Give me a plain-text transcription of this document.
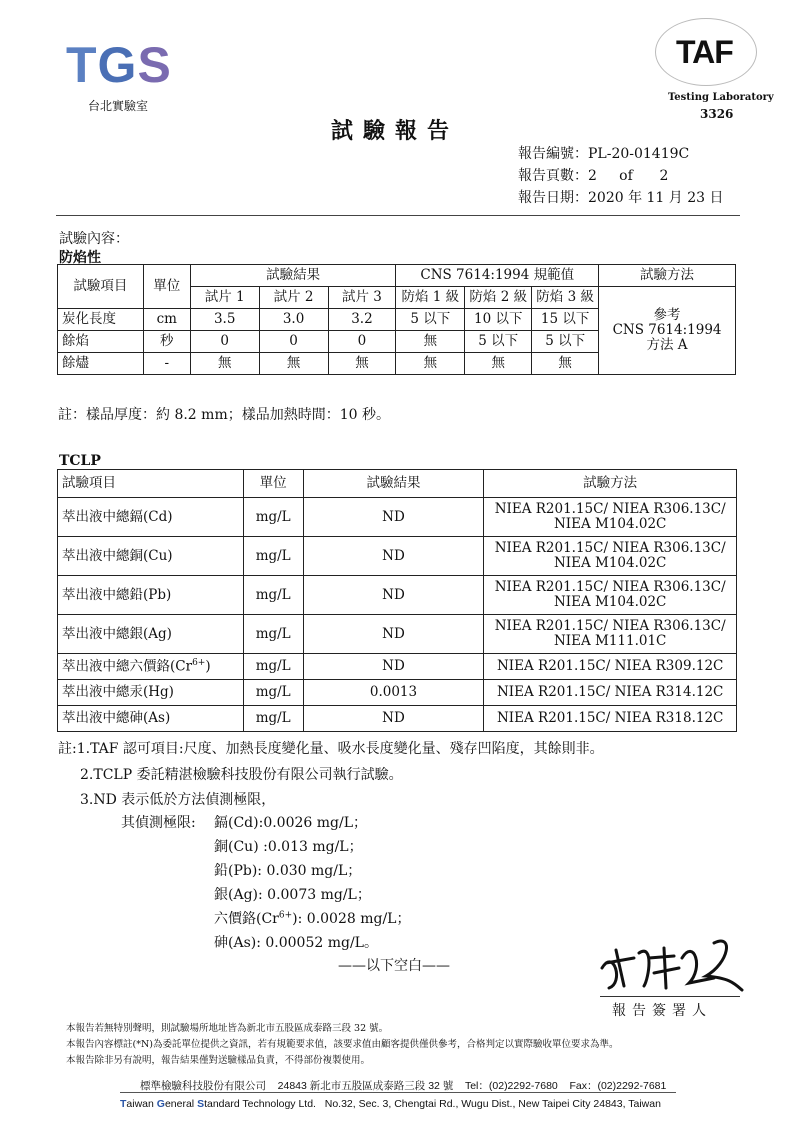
TGS
台北實驗室
TAF
Testing Laboratory
3326
試驗報告
報告編號：PL-20-01419C
報告頁數：2     of      2
報告日期：2020 年 11 月 23 日
試驗內容：
防焰性
試驗項目	單位	試驗結果			CNS 7614:1994 規範值			試驗方法
		試片 1	試片 2	試片 3	防焰 1 級	防焰 2 級	防焰 3 級	參考
CNS 7614:1994
方法 A

炭化長度	cm	3.5	3.0	3.2	5 以下	10 以下	15 以下	
餘焰	秒	0	0	0	無	5 以下	5 以下	
餘燼	-	無	無	無	無	無	無	
註：樣品厚度：約 8.2 mm；樣品加熱時間：10 秒。
TCLP
試驗項目	單位	試驗結果	試驗方法
萃出液中總鎘(Cd)	mg/L	ND	NIEA R201.15C/ NIEA R306.13C/
NIEA M104.02C

萃出液中總銅(Cu)	mg/L	ND	NIEA R201.15C/ NIEA R306.13C/
NIEA M104.02C

萃出液中總鉛(Pb)	mg/L	ND	NIEA R201.15C/ NIEA R306.13C/
NIEA M104.02C

萃出液中總銀(Ag)	mg/L	ND	NIEA R201.15C/ NIEA R306.13C/
NIEA M111.01C

萃出液中總六價鉻$(Cr^{6+})$	mg/L	ND	NIEA R201.15C/ NIEA R309.12C
萃出液中總汞(Hg)	mg/L	0.0013	NIEA R201.15C/ NIEA R314.12C
萃出液中總砷(As)	mg/L	ND	NIEA R201.15C/ NIEA R318.12C
註:1.TAF 認可項目:尺度、加熱長度變化量、吸水長度變化量、殘存凹陷度，其餘則非。
2.TCLP 委託精湛檢驗科技股份有限公司執行試驗。
3.ND 表示低於方法偵測極限，
其偵測極限: 鎘(Cd):0.0026 mg/L；
銅(Cu) :0.013 mg/L；
鉛(Pb): 0.030 mg/L；
銀(Ag): 0.0073 mg/L；
六價鉻$(Cr^{6+})$: 0.0028 mg/L；
砷(As): 0.00052 mg/L。
——以下空白——
報告簽署人
本報告若無特別聲明，則試驗場所地址皆為新北市五股區成泰路三段 32 號。
本報告內容標註(*N)為委託單位提供之資訊，若有規範要求值，該要求值由顧客提供僅供參考，合格判定以實際驗收單位要求為準。
本報告除非另有說明，報告結果僅對送驗樣品負責，不得部份複製使用。
標準檢驗科技股份有限公司    24843 新北市五股區成泰路三段 32 號    Tel：(02)2292-7680    Fax：(02)2292-7681
Taiwan General Standard Technology Ltd. No.32, Sec. 3, Chengtai Rd., Wugu Dist., New Taipei City 24843, Taiwan
